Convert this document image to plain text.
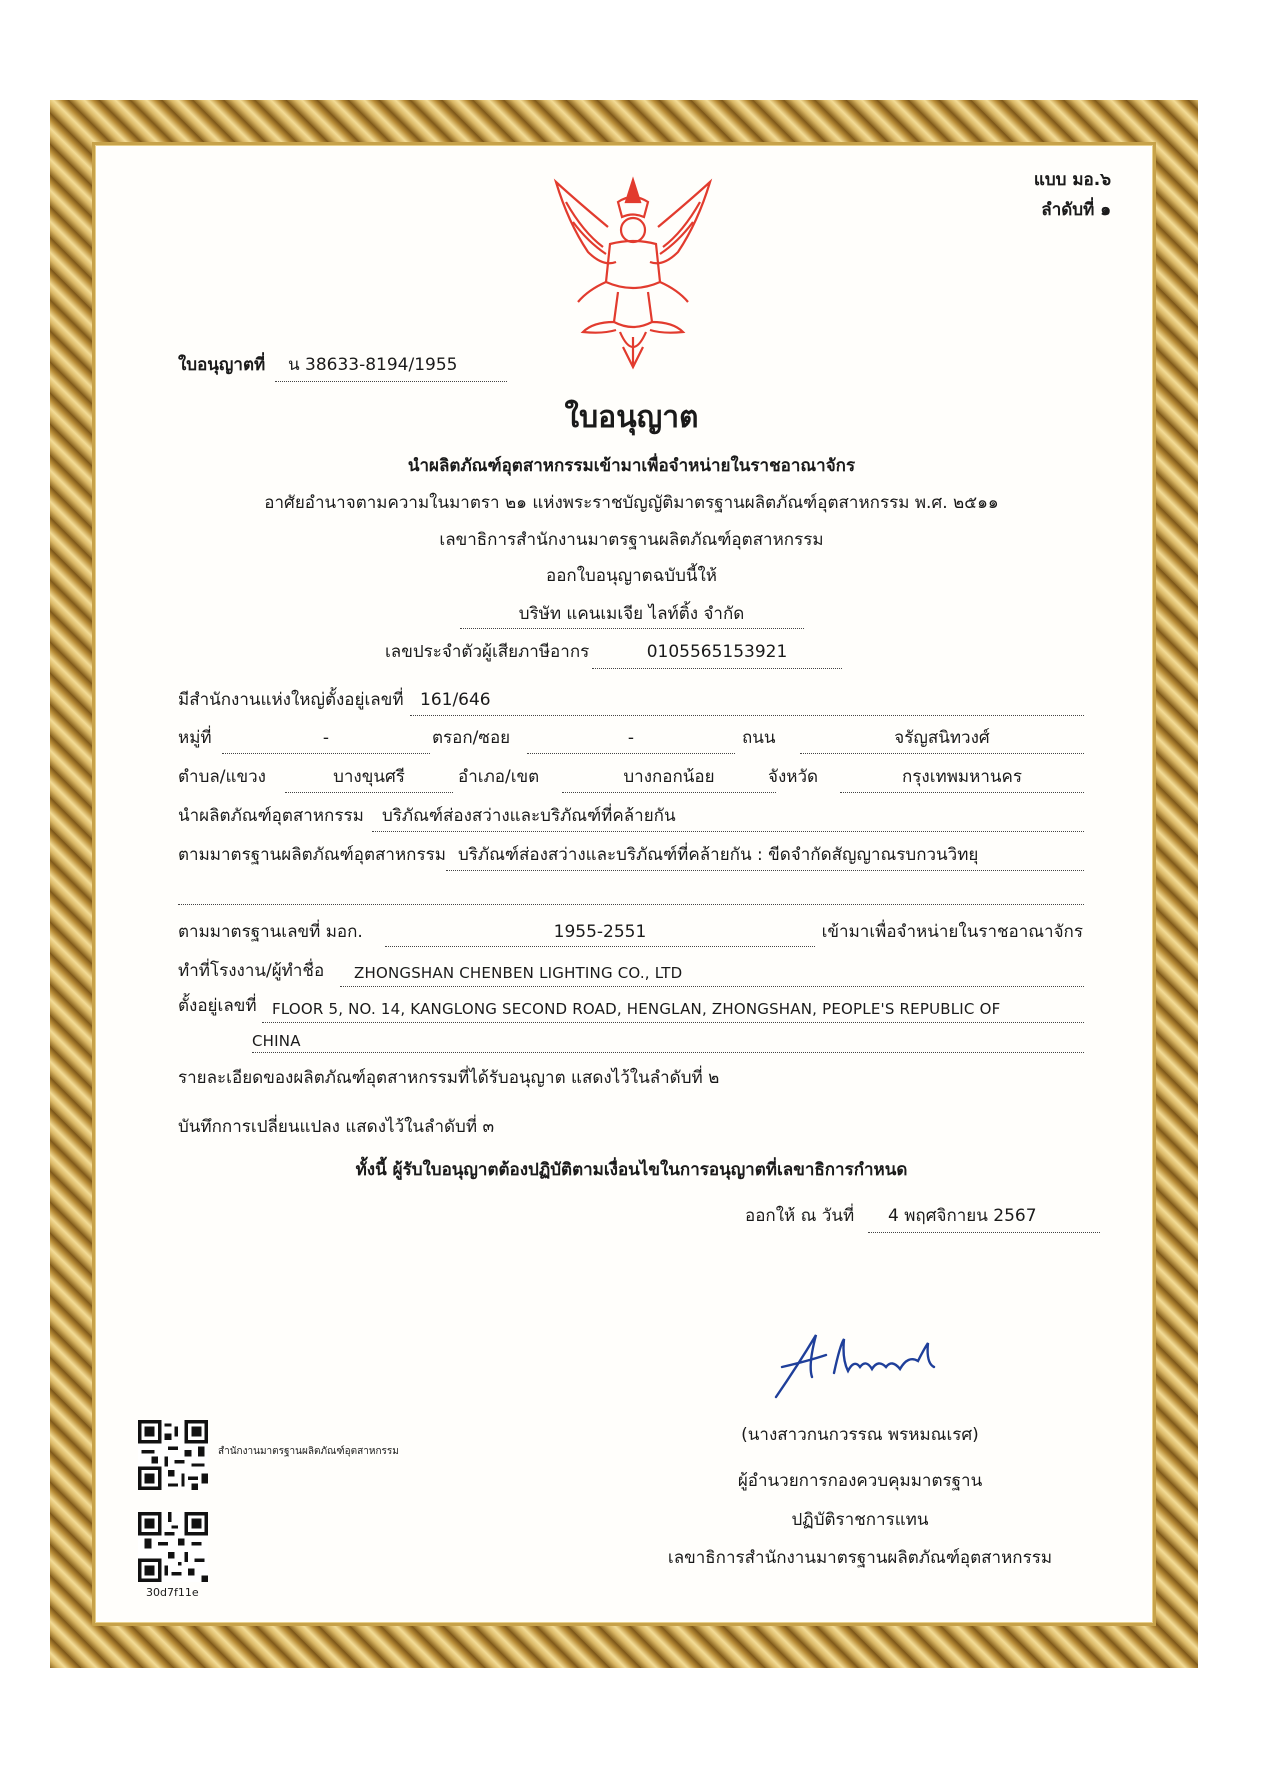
แบบ มอ.๖
ลำดับที่ ๑
ใบอนุญาตที่ น 38633-8194/1955
ใบอนุญาต
นำผลิตภัณฑ์อุตสาหกรรมเข้ามาเพื่อจำหน่ายในราชอาณาจักร
อาศัยอำนาจตามความในมาตรา ๒๑ แห่งพระราชบัญญัติมาตรฐานผลิตภัณฑ์อุตสาหกรรม พ.ศ. ๒๕๑๑
เลขาธิการสำนักงานมาตรฐานผลิตภัณฑ์อุตสาหกรรม
ออกใบอนุญาตฉบับนี้ให้
บริษัท แคนเมเจีย ไลท์ติ้ง จำกัด
เลขประจำตัวผู้เสียภาษีอากร	0105565153921
มีสำนักงานแห่งใหญ่ตั้งอยู่เลขที่ 161/646
หมู่ที่	-	ตรอก/ซอย	-	ถนน	จรัญสนิทวงศ์
ตำบล/แขวง	บางขุนศรี	อำเภอ/เขต	บางกอกน้อย	จังหวัด	กรุงเทพมหานคร
นำผลิตภัณฑ์อุตสาหกรรม บริภัณฑ์ส่องสว่างและบริภัณฑ์ที่คล้ายกัน
ตามมาตรฐานผลิตภัณฑ์อุตสาหกรรม บริภัณฑ์ส่องสว่างและบริภัณฑ์ที่คล้ายกัน : ขีดจำกัดสัญญาณรบกวนวิทยุ
ตามมาตรฐานเลขที่ มอก.	1955-2551	เข้ามาเพื่อจำหน่ายในราชอาณาจักร
ทำที่โรงงาน/ผู้ทำชื่อ ZHONGSHAN CHENBEN LIGHTING CO., LTD
ตั้งอยู่เลขที่ FLOOR 5, NO. 14, KANGLONG SECOND ROAD, HENGLAN, ZHONGSHAN, PEOPLE'S REPUBLIC OF
CHINA
รายละเอียดของผลิตภัณฑ์อุตสาหกรรมที่ได้รับอนุญาต แสดงไว้ในลำดับที่ ๒
บันทึกการเปลี่ยนแปลง แสดงไว้ในลำดับที่ ๓
ทั้งนี้ ผู้รับใบอนุญาตต้องปฏิบัติตามเงื่อนไขในการอนุญาตที่เลขาธิการกำหนด
ออกให้ ณ วันที่ 4 พฤศจิกายน 2567
(นางสาวกนกวรรณ พรหมณเรศ)
ผู้อำนวยการกองควบคุมมาตรฐาน
ปฏิบัติราชการแทน
เลขาธิการสำนักงานมาตรฐานผลิตภัณฑ์อุตสาหกรรม
สำนักงานมาตรฐานผลิตภัณฑ์อุตสาหกรรม
30d7f11e
